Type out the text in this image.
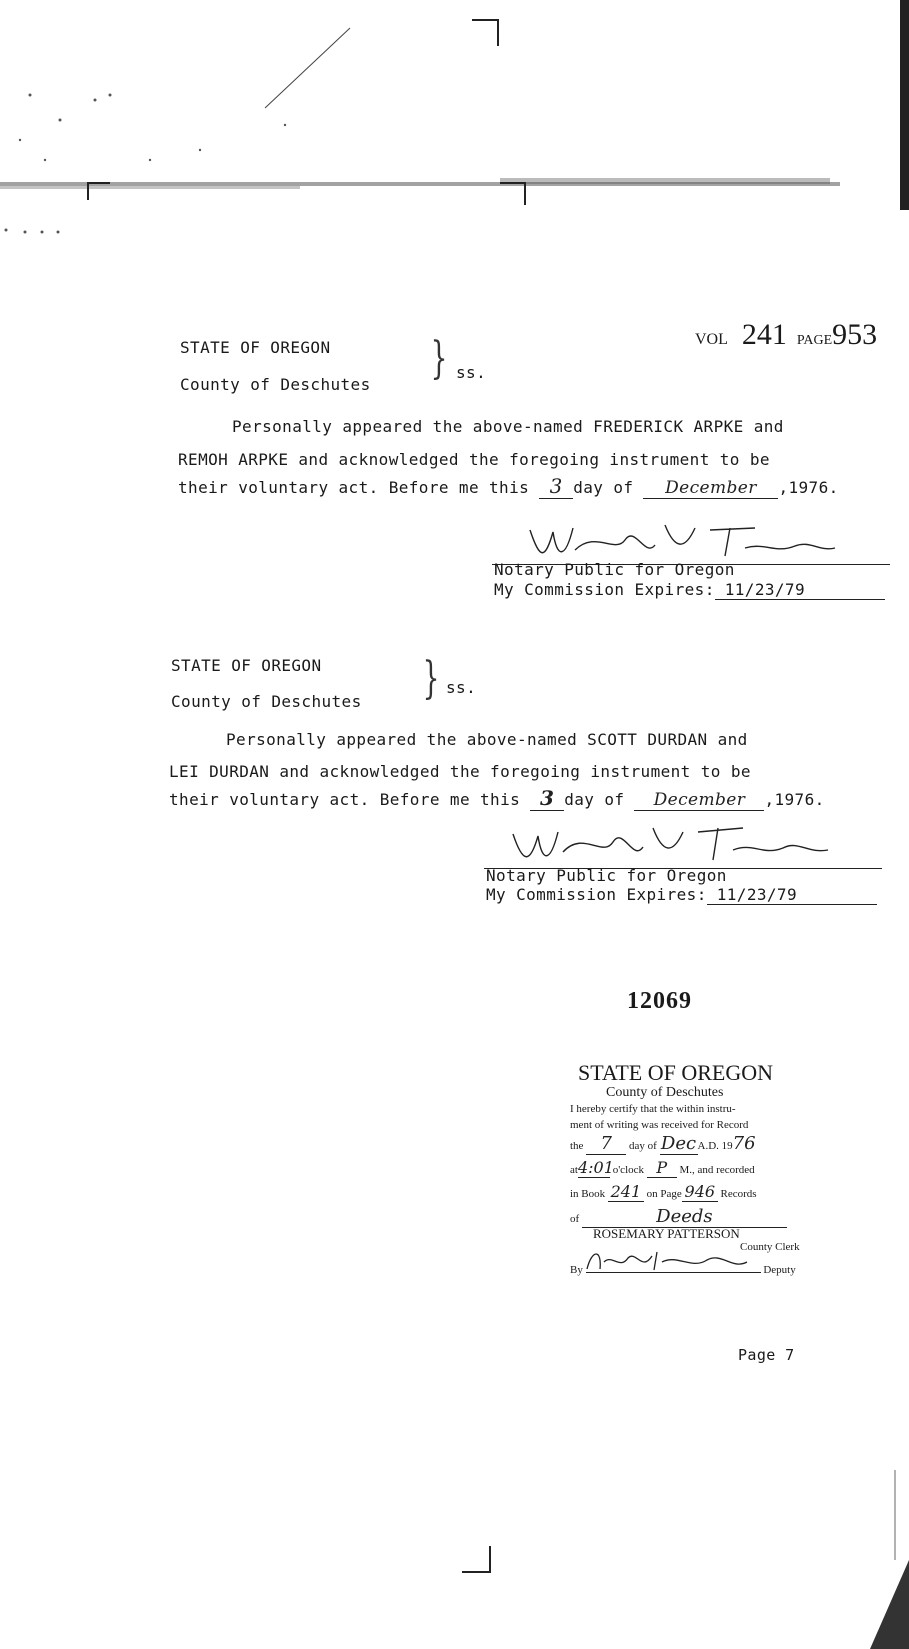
VOL 241 PAGE953
STATE OF OREGON
County of Deschutes
} ss.
Personally appeared the above-named FREDERICK ARPKE and
REMOH ARPKE and acknowledged the foregoing instrument to be
their voluntary act. Before me this 3 day of December ,1976.
Notary Public for Oregon
My Commission Expires: 11/23/79
STATE OF OREGON
County of Deschutes } ss.
Personally appeared the above-named SCOTT DURDAN and
LEI DURDAN and acknowledged the foregoing instrument to be
their voluntary act. Before me this 3 day of December ,1976.
Notary Public for Oregon
My Commission Expires: 11/23/79
12069
STATE OF OREGON
County of Deschutes
I hereby certify that the within instru-
ment of writing was received for Record
the 7 day of DecA.D. 1976
at4:01 o'clock P M., and recorded
in Book 241 on Page 946 Records
of	Deeds
ROSEMARY PATTERSON
County Clerk
By	Deputy
Page 7
